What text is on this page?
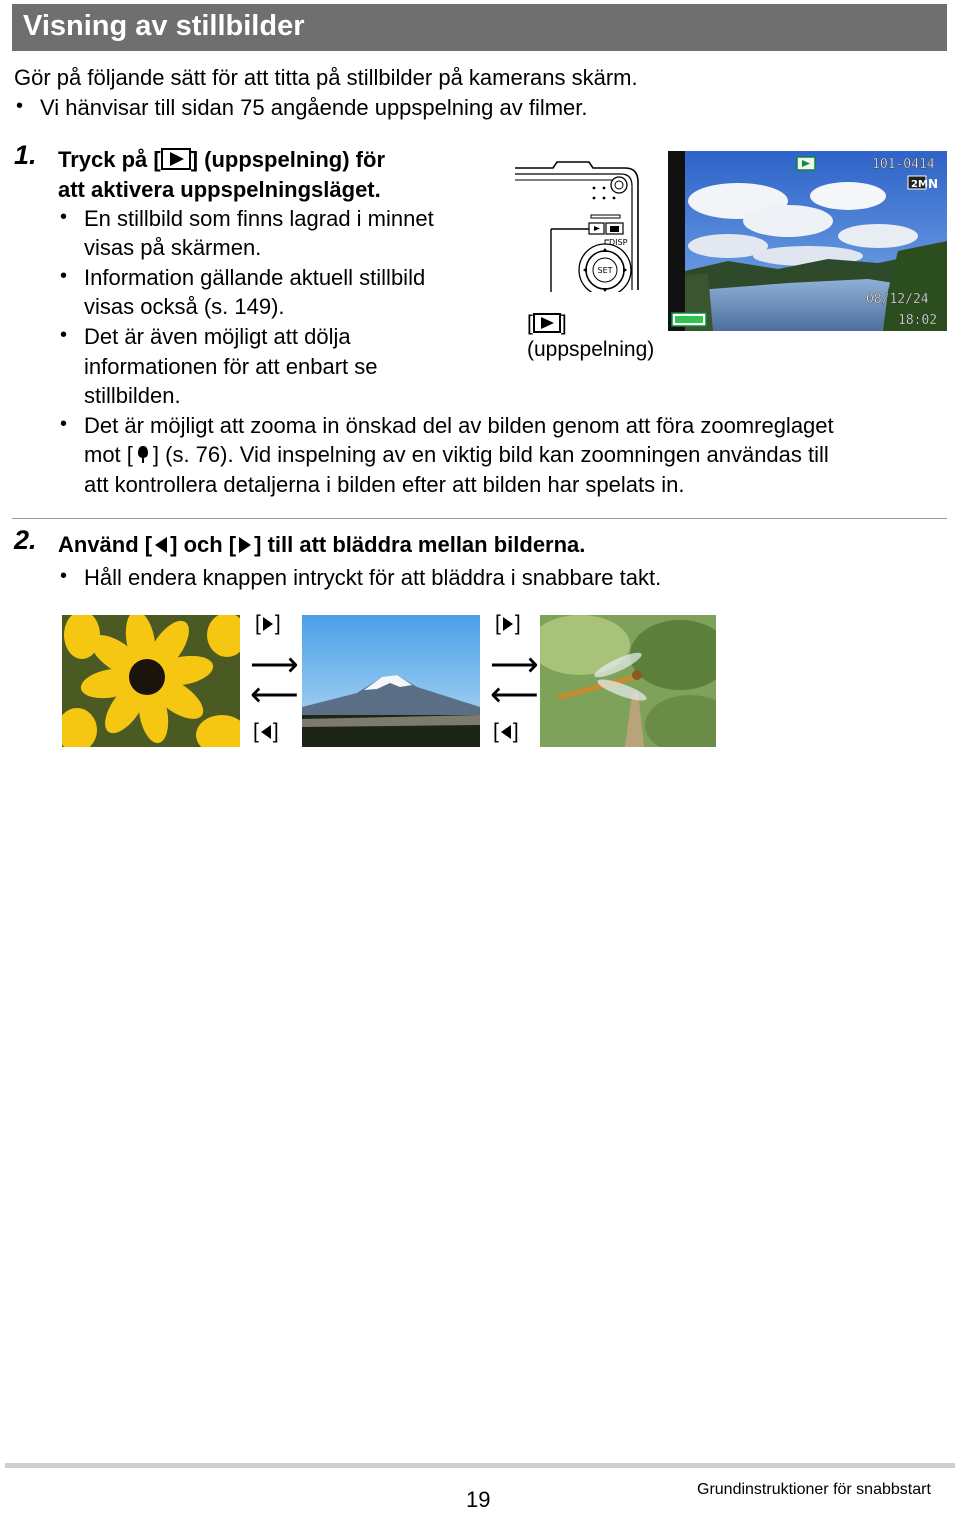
Visning av stillbilder
Gör på följande sätt för att titta på stillbilder på kamerans skärm.
• Vi hänvisar till sidan 75 angående uppspelning av filmer.
1. Tryck på [ ] (uppspelning) för
att aktivera uppspelningsläget.
• En stillbild som finns lagrad i minnet
visas på skärmen.
• Information gällande aktuell stillbild
visas också (s. 149).
• Det är även möjligt att dölja
informationen för att enbart se
stillbilden.
• Det är möjligt att zooma in önskad del av bilden genom att föra zoomreglaget
mot [ ] (s. 76). Vid inspelning av en viktig bild kan zoomningen användas till
att kontrollera detaljerna i bilden efter att bilden har spelats in.
DISP
SET
[ ]
(uppspelning)
101-0414
2M N
08/12/24
18:02
2. Använd [ ] och [ ] till att bläddra mellan bilderna.
• Håll endera knappen intryckt för att bläddra i snabbare takt.
[ ]
⟶
⟵
[ ]
[ ]
⟶
⟵
[ ]
19	Grundinstruktioner för snabbstart
